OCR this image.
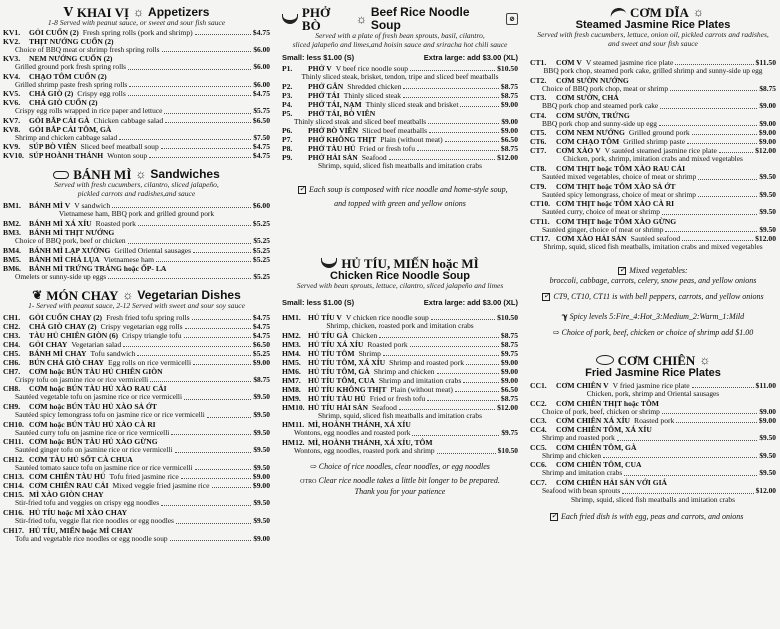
Ⅴ KHAI VỊ ☼ Appetizers
1-8 Served with peanut sauce, or sweet and sour fish sauce
KV1.	GỎI CUỐN (2) Fresh spring rolls (pork and shrimp)	$4.75
KV2.	THỊT NƯỚNG CUỐN (2)
Choice of BBQ meat or shrimp fresh spring rolls	$6.00
KV3.	NEM NƯỚNG CUỐN (2)
Grilled ground pork fresh spring rolls	$6.00
KV4.	CHẠO TÔM CUỐN (2)
Grilled shrimp paste fresh spring rolls	$6.00
KV5.	CHẢ GIÒ (2) Crispy egg rolls	$4.75
KV6.	CHẢ GIÒ CUỐN (2)
Crispy egg rolls wrapped in rice paper and lettuce	$5.75
KV7.	GỎI BẮP CẢI GÀ Chicken cabbage salad	$6.50
KV8.	GỎI BẮP CẢI TÔM, GÀ
Shrimp and chicken cabbage salad	$7.50
KV9.	SÚP BÒ VIÊN Sliced beef meatball soup	$4.75
KV10. SÚP HOÀNH THÁNH Wonton soup	$4.75
BÁNH MÌ ☼ Sandwiches
Served with fresh cucumbers, cilantro, sliced jalapeño,
pickled carrots and radishes,and sauce
BM1.	BÁNH MÌ V V sandwich	$6.00
Vietnamese ham, BBQ pork and grilled ground pork
BM2.	BÁNH MÌ XÁ XÍU Roasted pork	$5.25
BM3.	BÁNH MÌ THỊT NƯỚNG
Choice of BBQ pork, beef or chicken	$5.25
BM4.	BÁNH MÌ LẠP XƯỞNG Grilled Oriental sausages	$5.25
BM5.	BÁNH MÌ CHẢ LỤA Vietnamese ham	$5.25
BM6.	BÁNH MÌ TRỨNG TRÁNG hoặc ỐP- LA
Omelets or sunny-side up eggs	$5.25
❦ MÓN CHAY ☼ Vegetarian Dishes
1- Served with peanut sauce, 2-12 Served with sweet and sour soy sauce
CH1.	GỎI CUỐN CHAY (2) Fresh fried tofu spring rolls	$4.75
CH2.	CHẢ GIÒ CHAY (2) Crispy vegetarian egg rolls	$4.75
CH3.	TÀU HỦ CHIÊN GIÒN (6) Crispy triangle tofu	$4.75
CH4.	GỎI CHAY Vegetarian salad	$6.50
CH5.	BÁNH MÌ CHAY Tofu sandwich	$5.25
CH6.	BÚN CHẢ GIÒ CHAY Egg rolls on rice vermicelli	$9.00
CH7.	CƠM hoặc BÚN TÀU HỦ CHIÊN GIÒN
Crispy tofu on jasmine rice or rice vermicelli	$8.75
CH8.	CƠM hoặc BÚN TÀU HỦ XÀO RAU CẢI
Sautéed vegetable tofu on jasmine rice or rice vermicelli	$9.50
CH9.	CƠM hoặc BÚN TÀU HỦ XÀO SẢ ỚT
Sautéed spicy lemongrass tofu on jasmine rice or rice vermicelli	$9.50
CH10. CƠM hoặc BÚN TÀU HỦ XÀO CÀ RI
Sautéed curry tofu on jasmine rice or rice vermicelli	$9.50
CH11. CƠM hoặc BÚN TÀU HỦ XÀO GỪNG
Sautéed ginger tofu on jasmine rice or rice vermicelli	$9.50
CH12. CƠM TÀU HỦ SỐT CÀ CHUA
Sautéed tomato sauce tofu on jasmine rice or rice vermicelli	$9.50
CH13. CƠM CHIÊN TÀU HỦ Tofu fried jasmine rice	$9.00
CH14. CƠM CHIÊN RAU CẢI Mixed veggie fried jasmine rice	$9.00
CH15. MÌ XÀO GIÒN CHAY
Stir-fried tofu and veggies on crispy egg noodles	$9.50
CH16. HỦ TÍU hoặc MÌ XÀO CHAY
Stir-fried tofu, veggie flat rice noodles or egg noodles	$9.50
CH17. HỦ TÍU, MIẾN hoặc MÌ CHAY
Tofu and vegetable rice noodles or egg noodle soup	$9.00
PHỞ BÒ	☼ Beef Rice Noodle Soup	⊘
Served with a plate of fresh bean sprouts, basil, cilantro,
sliced jalapeño and limes,and hoisin sauce and sriracha hot chili sauce
Small: less $1.00 (S)	Extra large: add $3.00 (XL)
P1.	PHỞ V V beef rice noodle soup	$10.50
Thinly sliced steak, brisket, tendon, tripe and sliced beef meatballs
P2.	PHỞ GÂN Shredded chicken	$8.75
P3.	PHỞ TÁI Thinly sliced steak	$8.75
P4.	PHỞ TÁI, NẠM Thinly sliced steak and brisket	$9.00
P5.	PHỞ TÁI, BÒ VIÊN
Thinly sliced steak and sliced beef meatballs	$9.00
P6.	PHỞ BÒ VIÊN Sliced beef meatballs	$9.00
P7.	PHỞ KHÔNG THỊT Plain (without meat)	$6.50
P8.	PHỞ TÀU HỦ Fried or fresh tofu	$8.75
P9.	PHỞ HẢI SẢN Seafood	$12.00
Shrimp, squid, sliced fish meatballs and imitation crabs
✓Each soup is composed with rice noodle and home-style soup,
and topped with green and yellow onions
HỦ TÍU, MIẾN hoặc MÌ
Chicken Rice Noodle Soup
Served with bean sprouts, lettuce, cilantro, sliced jalapeño and limes
Small: less $1.00 (S)	Extra large: add $3.00 (XL)
HM1. HỦ TÍU V V chicken rice noodle soup	$10.50
Shrimp, chicken, roasted pork and imitation crabs
HM2. HỦ TÍU GÀ Chicken	$8.75
HM3. HỦ TÍU XÁ XÍU Roasted pork	$8.75
HM4. HỦ TÍU TÔM Shrimp	$9.75
HM5. HỦ TÍU TÔM, XÁ XÍU Shrimp and roasted pork	$9.00
HM6. HỦ TÍU TÔM, GÀ Shrimp and chicken	$9.00
HM7. HỦ TÍU TÔM, CUA Shrimp and imitation crabs	$9.00
HM8. HỦ TÍU KHÔNG THỊT Plain (without meat)	$6.50
HM9. HỦ TÍU TÀU HỦ Fried or fresh tofu	$8.75
HM10. HỦ TÍU HẢI SẢN Seafood	$12.00
Shrimp, squid, sliced fish meatballs and imitation crabs
HM11. MÌ, HOÀNH THÁNH, XÁ XÍU
Wontons, egg noodles and roasted pork	$9.75
HM12. MÌ, HOÀNH THÁNH, XÁ XÍU, TÔM
Wontons, egg noodles, roasted pork and shrimp	$10.50
⇨ Choice of rice noodles, clear noodles, or egg noodles
OTRO Clear rice noodle takes a little bit longer to be prepared.
Thank you for your patience
CƠM DĨA ☼
Steamed Jasmine Rice Plates
Served with fresh cucumbers, lettuce, onion oil, pickled carrots and radishes,
and sweet and sour fish sauce
CT1.	CƠM V V steamed jasmine rice plate	$11.50
BBQ pork chop, steamed pork cake, grilled shrimp and sunny-side up egg
CT2.	CƠM SƯỜN NƯỚNG
Choice of BBQ pork chop, meat or shrimp	$8.75
CT3.	CƠM SƯỜN, CHẢ
BBQ pork chop and steamed pork cake	$9.00
CT4.	CƠM SƯỜN, TRỨNG
BBQ pork chop and sunny-side up egg	$9.00
CT5.	CƠM NEM NƯỚNG Grilled ground pork	$9.00
CT6.	CƠM CHẠO TÔM Grilled shrimp paste	$9.00
CT7.	CƠM XÀO V V sautéed steamed jasmine rice plate	$12.00
Chicken, pork, shrimp, imitation crabs and mixed vegetables
CT8.	CƠM THỊT hoặc TÔM XÀO RAU CẢI
Sautéed mixed vegetables, choice of meat or shrimp	$9.50
CT9.	CƠM THỊT hoặc TÔM XÀO SẢ ỚT
Sautéed spicy lemongrass, choice of meat or shrimp	$9.50
CT10. CƠM THỊT hoặc TÔM XÀO CÀ RI
Sautéed curry, choice of meat or shrimp	$9.50
CT11. CƠM THỊT hoặc TÔM XÀO GỪNG
Sautéed ginger, choice of meat or shrimp	$9.50
CT17. CƠM XÀO HẢI SẢN Sautéed seafood	$12.00
Shrimp, squid, sliced fish meatballs, imitation crabs and mixed vegetables
✓Mixed vegetables:
broccoli, cabbage, carrots, celery, snow peas, and yellow onions
✓CT9, CT10, CT11 is with bell peppers, carrots, and yellow onions
ℽ Spicy levels 5:Fire_4:Hot_3:Medium_2:Warm_1:Mild
⇨ Choice of pork, beef, chicken or choice of shrimp add $1.00
CƠM CHIÊN ☼
Fried Jasmine Rice Plates
CC1.	CƠM CHIÊN V V fried jasmine rice plate	$11.00
Chicken, pork, shrimp and Oriental sausages
CC2.	CƠM CHIÊN THỊT hoặc TÔM
Choice of pork, beef, chicken or shrimp	$9.00
CC3.	CƠM CHIÊN XÁ XÍU Roasted pork	$9.00
CC4.	CƠM CHIÊN TÔM, XÁ XÍU
Shrimp and roasted pork	$9.50
CC5.	CƠM CHIÊN TÔM, GÀ
Shrimp and chicken	$9.50
CC6.	CƠM CHIÊN TÔM, CUA
Shrimp and imitation crabs	$9.50
CC7.	CƠM CHIÊN HẢI SẢN VỚI GIÁ
Seafood with bean sprouts	$12.00
Shrimp, squid, sliced fish meatballs and imitation crabs
✓Each fried dish is with egg, peas and carrots, and onions
